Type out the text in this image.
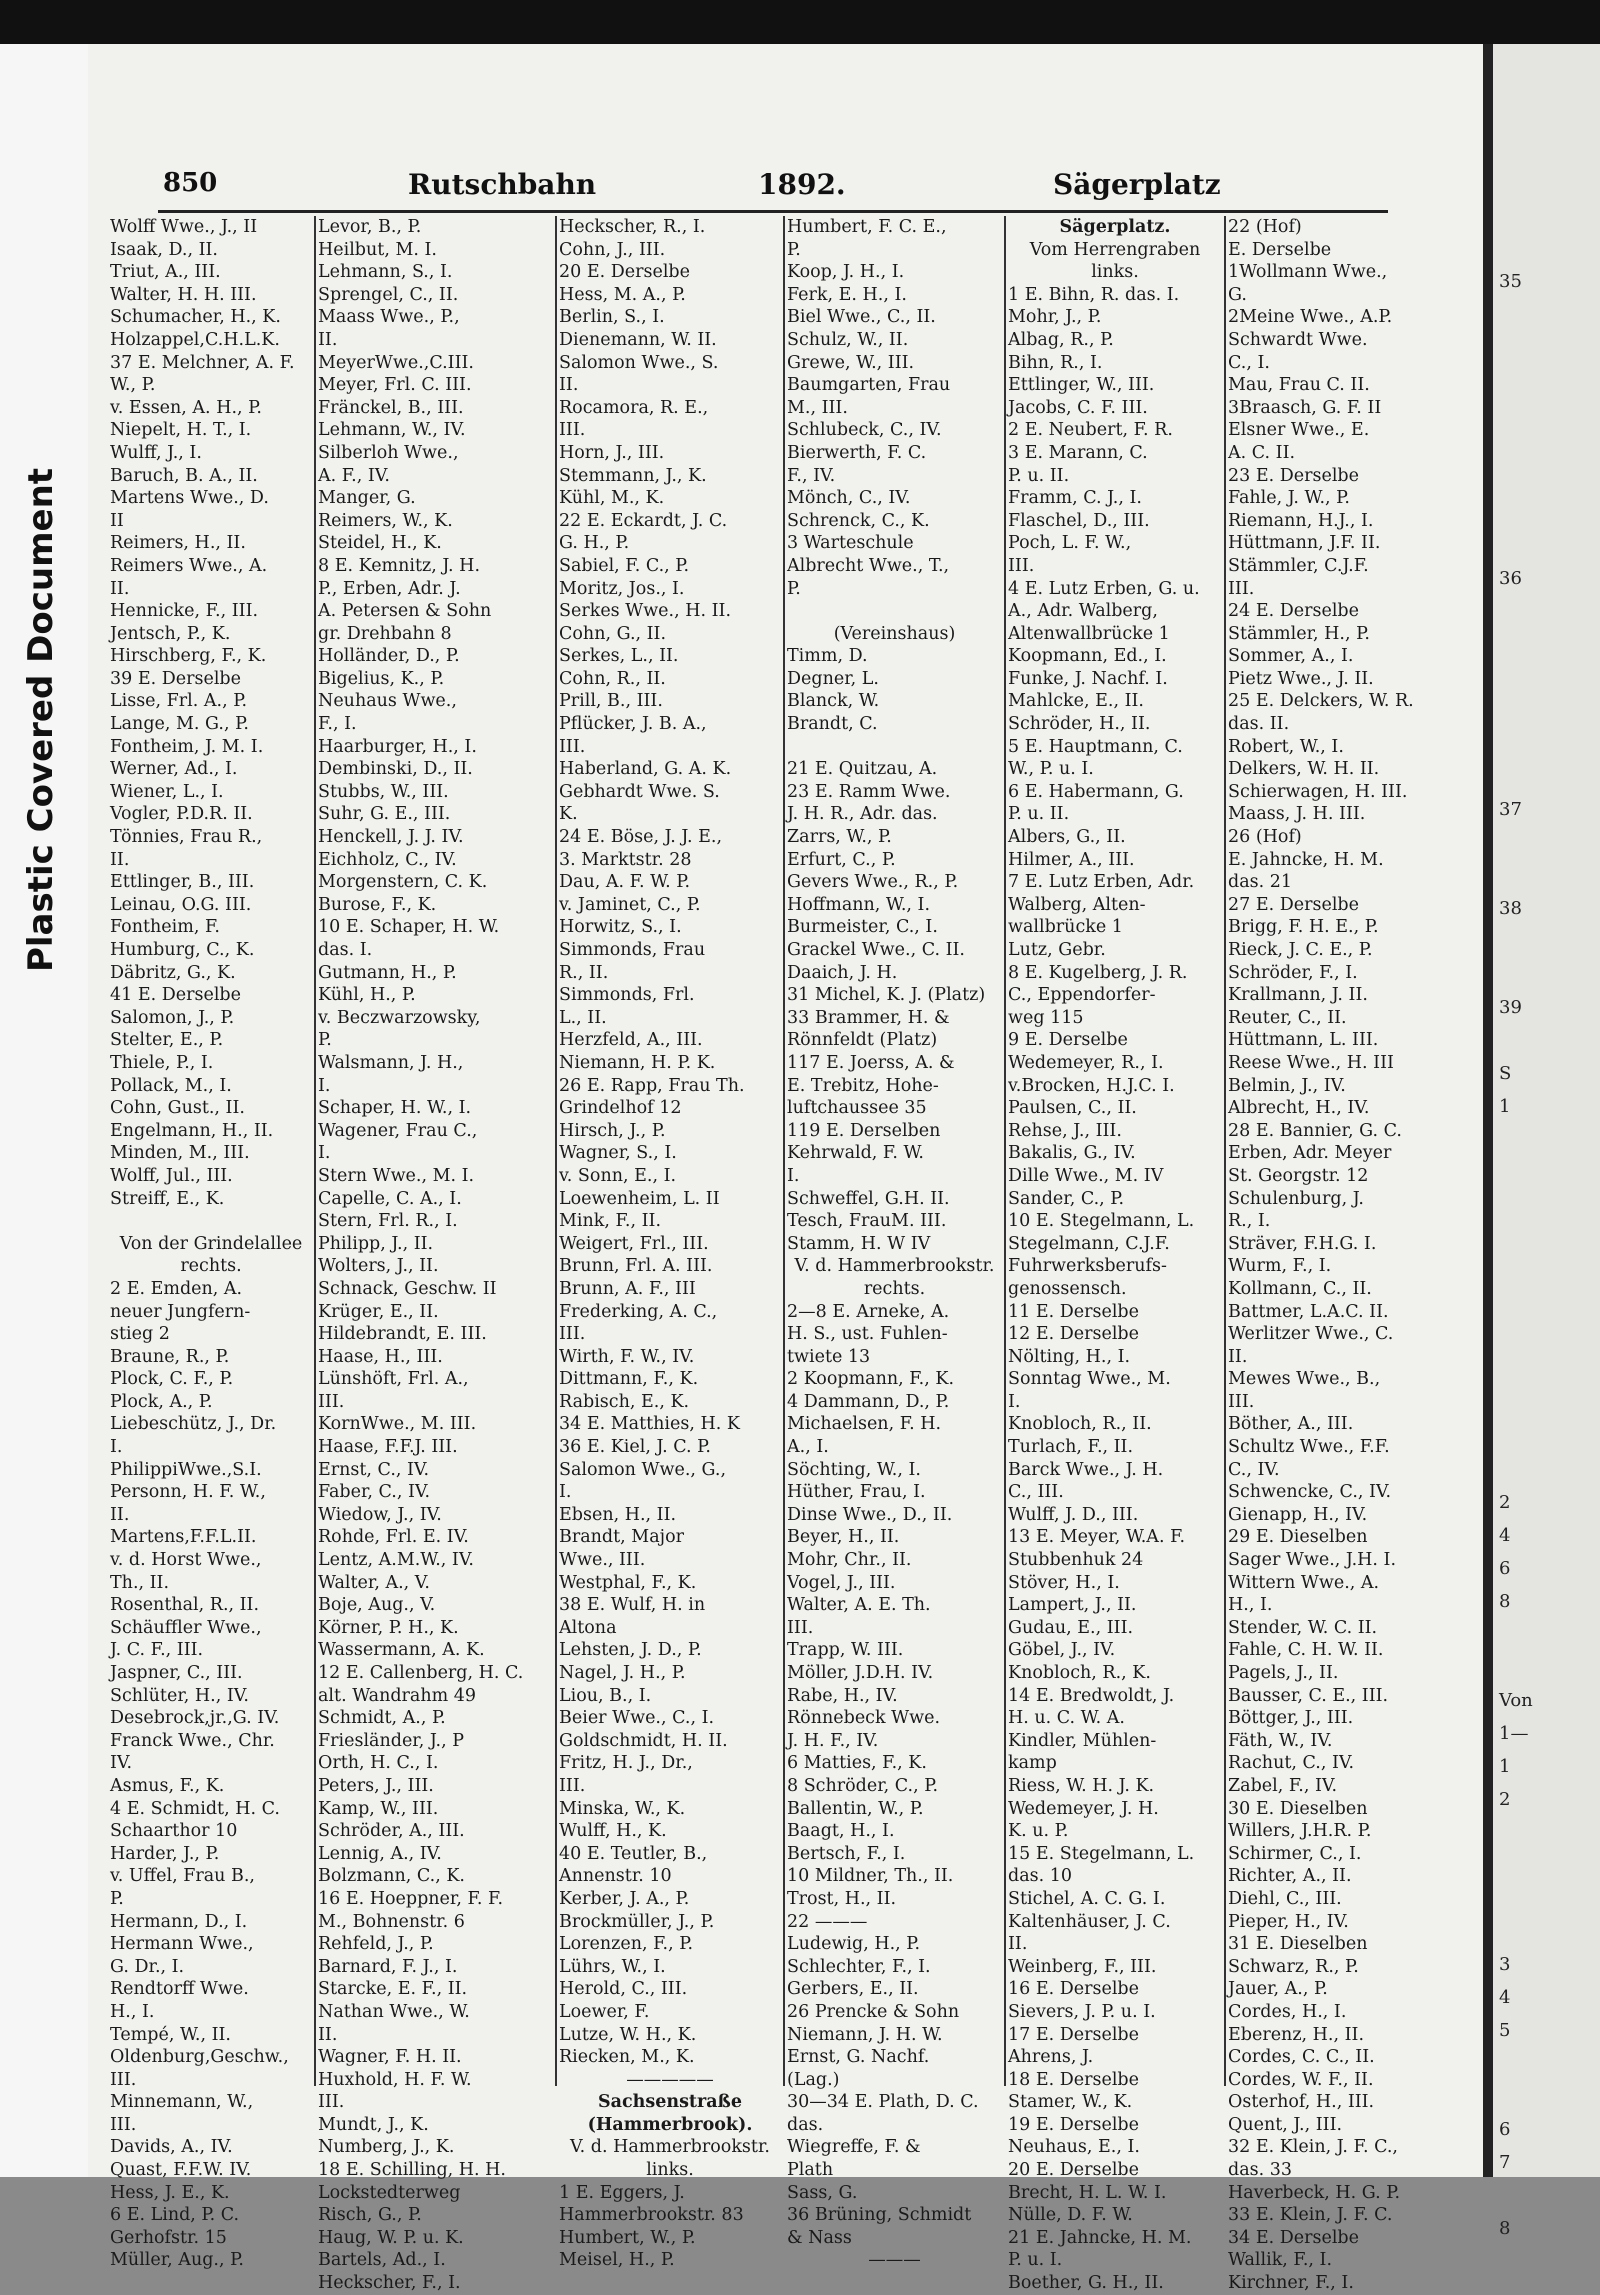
Plastic Covered Document
850	Rutschbahn	1892.	Sägerplatz
Wolff Wwe., J., II
Isaak, D., II.
Triut, A., III.
Walter, H. H. III.
Schumacher, H., K.
Holzappel,C.H.L.K.
37 E. Melchner, A. F.
W., P.
v. Essen, A. H., P.
Niepelt, H. T., I.
Wulff, J., I.
Baruch, B. A., II.
Martens Wwe., D.
II
Reimers, H., II.
Reimers Wwe., A.
II.
Hennicke, F., III.
Jentsch, P., K.
Hirschberg, F., K.
39 E. Derselbe
Lisse, Frl. A., P.
Lange, M. G., P.
Fontheim, J. M. I.
Werner, Ad., I.
Wiener, L., I.
Vogler, P.D.R. II.
Tönnies, Frau R.,
II.
Ettlinger, B., III.
Leinau, O.G. III.
Fontheim, F.
Humburg, C., K.
Däbritz, G., K.
41 E. Derselbe
Salomon, J., P.
Stelter, E., P.
Thiele, P., I.
Pollack, M., I.
Cohn, Gust., II.
Engelmann, H., II.
Minden, M., III.
Wolff, Jul., III.
Streiff, E., K.

Von der Grindelallee
rechts.
2 E. Emden, A.
neuer Jungfern-
stieg 2
Braune, R., P.
Plock, C. F., P.
Plock, A., P.
Liebeschütz, J., Dr.
I.
PhilippiWwe.,S.I.
Personn, H. F. W.,
II.
Martens,F.F.L.II.
v. d. Horst Wwe.,
Th., II.
Rosenthal, R., II.
Schäuffler Wwe.,
J. C. F., III.
Jaspner, C., III.
Schlüter, H., IV.
Desebrock,jr.,G. IV.
Franck Wwe., Chr.
IV.
Asmus, F., K.
4 E. Schmidt, H. C.
Schaarthor 10
Harder, J., P.
v. Uffel, Frau B.,
P.
Hermann, D., I.
Hermann Wwe.,
G. Dr., I.
Rendtorff Wwe.
H., I.
Tempé, W., II.
Oldenburg,Geschw.,
III.
Minnemann, W.,
III.
Davids, A., IV.
Quast, F.F.W. IV.
Hess, J. E., K.
6 E. Lind, P. C.
Gerhofstr. 15
Müller, Aug., P.
Levor, B., P.
Heilbut, M. I.
Lehmann, S., I.
Sprengel, C., II.
Maass Wwe., P.,
II.
MeyerWwe.,C.III.
Meyer, Frl. C. III.
Fränckel, B., III.
Lehmann, W., IV.
Silberloh Wwe.,
A. F., IV.
Manger, G.
Reimers, W., K.
Steidel, H., K.
8 E. Kemnitz, J. H.
P., Erben, Adr. J.
A. Petersen & Sohn
gr. Drehbahn 8
Holländer, D., P.
Bigelius, K., P.
Neuhaus Wwe.,
F., I.
Haarburger, H., I.
Dembinski, D., II.
Stubbs, W., III.
Suhr, G. E., III.
Henckell, J. J. IV.
Eichholz, C., IV.
Morgenstern, C. K.
Burose, F., K.
10 E. Schaper, H. W.
das. I.
Gutmann, H., P.
Kühl, H., P.
v. Beczwarzowsky,
P.
Walsmann, J. H.,
I.
Schaper, H. W., I.
Wagener, Frau C.,
I.
Stern Wwe., M. I.
Capelle, C. A., I.
Stern, Frl. R., I.
Philipp, J., II.
Wolters, J., II.
Schnack, Geschw. II
Krüger, E., II.
Hildebrandt, E. III.
Haase, H., III.
Lünshöft, Frl. A.,
III.
KornWwe., M. III.
Haase, F.F.J. III.
Ernst, C., IV.
Faber, C., IV.
Wiedow, J., IV.
Rohde, Frl. E. IV.
Lentz, A.M.W., IV.
Walter, A., V.
Boje, Aug., V.
Körner, P. H., K.
Wassermann, A. K.
12 E. Callenberg, H. C.
alt. Wandrahm 49
Schmidt, A., P.
Friesländer, J., P
Orth, H. C., I.
Peters, J., III.
Kamp, W., III.
Schröder, A., III.
Lennig, A., IV.
Bolzmann, C., K.
16 E. Hoeppner, F. F.
M., Bohnenstr. 6
Rehfeld, J., P.
Barnard, F. J., I.
Starcke, E. F., II.
Nathan Wwe., W.
II.
Wagner, F. H. II.
Huxhold, H. F. W.
III.
Mundt, J., K.
Numberg, J., K.
18 E. Schilling, H. H.
Lockstedterweg
Risch, G., P.
Haug, W. P. u. K.
Bartels, Ad., I.
Heckscher, F., I.
Heckscher, R., I.
Cohn, J., III.
20 E. Derselbe
Hess, M. A., P.
Berlin, S., I.
Dienemann, W. II.
Salomon Wwe., S.
II.
Rocamora, R. E.,
III.
Horn, J., III.
Stemmann, J., K.
Kühl, M., K.
22 E. Eckardt, J. C.
G. H., P.
Sabiel, F. C., P.
Moritz, Jos., I.
Serkes Wwe., H. II.
Cohn, G., II.
Serkes, L., II.
Cohn, R., II.
Prill, B., III.
Pflücker, J. B. A.,
III.
Haberland, G. A. K.
Gebhardt Wwe. S.
K.
24 E. Böse, J. J. E.,
3. Marktstr. 28
Dau, A. F. W. P.
v. Jaminet, C., P.
Horwitz, S., I.
Simmonds, Frau
R., II.
Simmonds, Frl.
L., II.
Herzfeld, A., III.
Niemann, H. P. K.
26 E. Rapp, Frau Th.
Grindelhof 12
Hirsch, J., P.
Wagner, S., I.
v. Sonn, E., I.
Loewenheim, L. II
Mink, F., II.
Weigert, Frl., III.
Brunn, Frl. A. III.
Brunn, A. F., III
Frederking, A. C.,
III.
Wirth, F. W., IV.
Dittmann, F., K.
Rabisch, E., K.
34 E. Matthies, H. K
36 E. Kiel, J. C. P.
Salomon Wwe., G.,
I.
Ebsen, H., II.
Brandt, Major
Wwe., III.
Westphal, F., K.
38 E. Wulf, H. in
Altona
Lehsten, J. D., P.
Nagel, J. H., P.
Liou, B., I.
Beier Wwe., C., I.
Goldschmidt, H. II.
Fritz, H. J., Dr.,
III.
Minska, W., K.
Wulff, H., K.
40 E. Teutler, B.,
Annenstr. 10
Kerber, J. A., P.
Brockmüller, J., P.
Lorenzen, F., P.
Lührs, W., I.
Herold, C., III.
Loewer, F.
Lutze, W. H., K.
Riecken, M., K.
—————
Sachsenstraße
(Hammerbrook).
V. d. Hammerbrookstr.
links.
1 E. Eggers, J.
Hammerbrookstr. 83
Humbert, W., P.
Meisel, H., P.
Humbert, F. C. E.,
P.
Koop, J. H., I.
Ferk, E. H., I.
Biel Wwe., C., II.
Schulz, W., II.
Grewe, W., III.
Baumgarten, Frau
M., III.
Schlubeck, C., IV.
Bierwerth, F. C.
F., IV.
Mönch, C., IV.
Schrenck, C., K.
3 Warteschule
Albrecht Wwe., T.,
P.

(Vereinshaus)
Timm, D.
Degner, L.
Blanck, W.
Brandt, C.

21 E. Quitzau, A.
23 E. Ramm Wwe.
J. H. R., Adr. das.
Zarrs, W., P.
Erfurt, C., P.
Gevers Wwe., R., P.
Hoffmann, W., I.
Burmeister, C., I.
Grackel Wwe., C. II.
Daaich, J. H.
31 Michel, K. J. (Platz)
33 Brammer, H. &
Rönnfeldt (Platz)
117 E. Joerss, A. &
E. Trebitz, Hohe-
luftchaussee 35
119 E. Derselben
Kehrwald, F. W.
I.
Schweffel, G.H. II.
Tesch, FrauM. III.
Stamm, H. W IV
V. d. Hammerbrookstr.
rechts.
2—8 E. Arneke, A.
H. S., ust. Fuhlen-
twiete 13
2 Koopmann, F., K.
4 Dammann, D., P.
Michaelsen, F. H.
A., I.
Söchting, W., I.
Hüther, Frau, I.
Dinse Wwe., D., II.
Beyer, H., II.
Mohr, Chr., II.
Vogel, J., III.
Walter, A. E. Th.
III.
Trapp, W. III.
Möller, J.D.H. IV.
Rabe, H., IV.
Rönnebeck Wwe.
J. H. F., IV.
6 Matties, F., K.
8 Schröder, C., P.
Ballentin, W., P.
Baagt, H., I.
Bertsch, F., I.
10 Mildner, Th., II.
Trost, H., II.
22 ———
Ludewig, H., P.
Schlechter, F., I.
Gerbers, E., II.
26 Prencke & Sohn
Niemann, J. H. W.
Ernst, G. Nachf.
(Lag.)
30—34 E. Plath, D. C.
das.
Wiegreffe, F. &
Plath
Sass, G.
36 Brüning, Schmidt
& Nass
———
Sägerplatz.
Vom Herrengraben
links.
1 E. Bihn, R. das. I.
Mohr, J., P.
Albag, R., P.
Bihn, R., I.
Ettlinger, W., III.
Jacobs, C. F. III.
2 E. Neubert, F. R.
3 E. Marann, C.
P. u. II.
Framm, C. J., I.
Flaschel, D., III.
Poch, L. F. W.,
III.
4 E. Lutz Erben, G. u.
A., Adr. Walberg,
Altenwallbrücke 1
Koopmann, Ed., I.
Funke, J. Nachf. I.
Mahlcke, E., II.
Schröder, H., II.
5 E. Hauptmann, C.
W., P. u. I.
6 E. Habermann, G.
P. u. II.
Albers, G., II.
Hilmer, A., III.
7 E. Lutz Erben, Adr.
Walberg, Alten-
wallbrücke 1
Lutz, Gebr.
8 E. Kugelberg, J. R.
C., Eppendorfer-
weg 115
9 E. Derselbe
Wedemeyer, R., I.
v.Brocken, H.J.C. I.
Paulsen, C., II.
Rehse, J., III.
Bakalis, G., IV.
Dille Wwe., M. IV
Sander, C., P.
10 E. Stegelmann, L.
Stegelmann, C.J.F.
Fuhrwerksberufs-
genossensch.
11 E. Derselbe
12 E. Derselbe
Nölting, H., I.
Sonntag Wwe., M.
I.
Knobloch, R., II.
Turlach, F., II.
Barck Wwe., J. H.
C., III.
Wulff, J. D., III.
13 E. Meyer, W.A. F.
Stubbenhuk 24
Stöver, H., I.
Lampert, J., II.
Gudau, E., III.
Göbel, J., IV.
Knobloch, R., K.
14 E. Bredwoldt, J.
H. u. C. W. A.
Kindler, Mühlen-
kamp
Riess, W. H. J. K.
Wedemeyer, J. H.
K. u. P.
15 E. Stegelmann, L.
das. 10
Stichel, A. C. G. I.
Kaltenhäuser, J. C.
II.
Weinberg, F., III.
16 E. Derselbe
Sievers, J. P. u. I.
17 E. Derselbe
Ahrens, J.
18 E. Derselbe
Stamer, W., K.
19 E. Derselbe
Neuhaus, E., I.
20 E. Derselbe
Brecht, H. L. W. I.
Nülle, D. F. W.
21 E. Jahncke, H. M.
P. u. I.
Boether, G. H., II.
22 (Hof)
E. Derselbe
1Wollmann Wwe.,
G.
2Meine Wwe., A.P.
Schwardt Wwe.
C., I.
Mau, Frau C. II.
3Braasch, G. F. II
Elsner Wwe., E.
A. C. II.
23 E. Derselbe
Fahle, J. W., P.
Riemann, H.J., I.
Hüttmann, J.F. II.
Stämmler, C.J.F.
III.
24 E. Derselbe
Stämmler, H., P.
Sommer, A., I.
Pietz Wwe., J. II.
25 E. Delckers, W. R.
das. II.
Robert, W., I.
Delkers, W. H. II.
Schierwagen, H. III.
Maass, J. H. III.
26 (Hof)
E. Jahncke, H. M.
das. 21
27 E. Derselbe
Brigg, F. H. E., P.
Rieck, J. C. E., P.
Schröder, F., I.
Krallmann, J. II.
Reuter, C., II.
Hüttmann, L. III.
Reese Wwe., H. III
Belmin, J., IV.
Albrecht, H., IV.
28 E. Bannier, G. C.
Erben, Adr. Meyer
St. Georgstr. 12
Schulenburg, J.
R., I.
Sträver, F.H.G. I.
Wurm, F., I.
Kollmann, C., II.
Battmer, L.A.C. II.
Werlitzer Wwe., C.
II.
Mewes Wwe., B.,
III.
Böther, A., III.
Schultz Wwe., F.F.
C., IV.
Schwencke, C., IV.
Gienapp, H., IV.
29 E. Dieselben
Sager Wwe., J.H. I.
Wittern Wwe., A.
H., I.
Stender, W. C. II.
Fahle, C. H. W. II.
Pagels, J., II.
Bausser, C. E., III.
Böttger, J., III.
Fäth, W., IV.
Rachut, C., IV.
Zabel, F., IV.
30 E. Dieselben
Willers, J.H.R. P.
Schirmer, C., I.
Richter, A., II.
Diehl, C., III.
Pieper, H., IV.
31 E. Dieselben
Schwarz, R., P.
Jauer, A., P.
Cordes, H., I.
Eberenz, H., II.
Cordes, C. C., II.
Cordes, W. F., II.
Osterhof, H., III.
Quent, J., III.
32 E. Klein, J. F. C.,
das. 33
Haverbeck, H. G. P.
33 E. Klein, J. F. C.
34 E. Derselbe
Wallik, F., I.
Kirchner, F., I.
35
36
37
38
39
S
1
2
4
6
8
Von
1—
1
2
3
4
5
6
7
8
